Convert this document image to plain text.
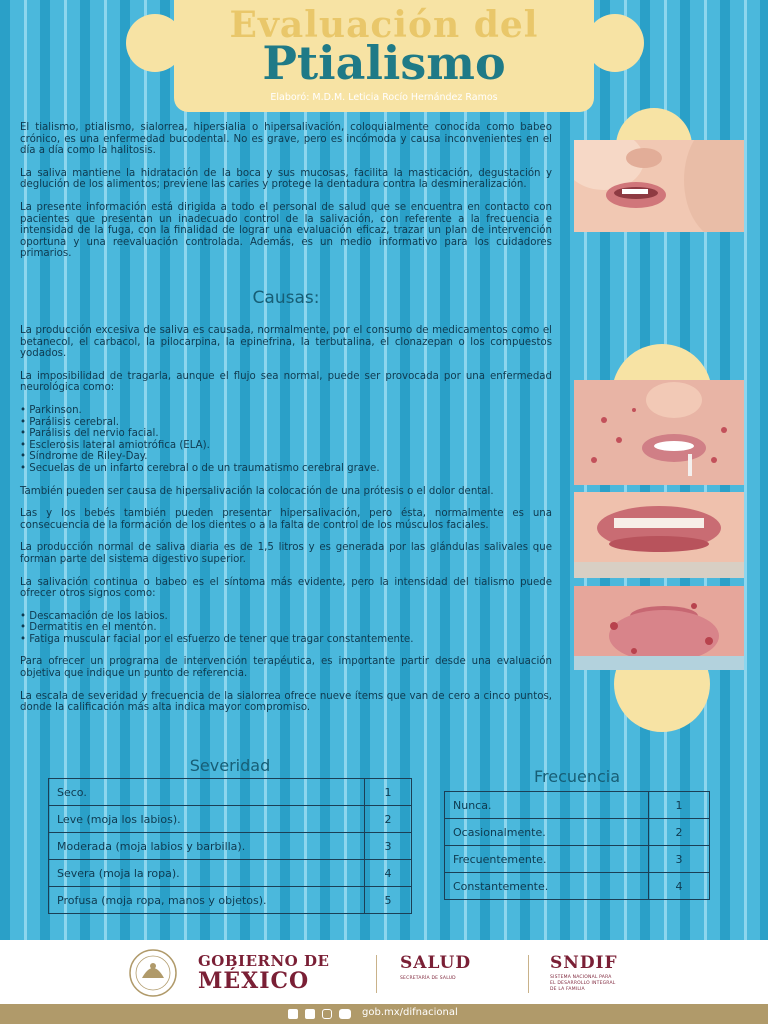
Evaluación del
Ptialismo
Elaboró: M.D.M. Leticia Rocío Hernández Ramos

El tialismo, ptialismo, sialorrea, hipersialia o hipersalivación, coloquialmente conocida como babeo crónico, es una enfermedad bucodental. No es grave, pero es incómoda y causa inconvenientes en el día a día como la halitosis.

La saliva mantiene la hidratación de la boca y sus mucosas, facilita la masticación, degustación y deglución de los alimentos; previene las caries y protege la dentadura contra la desmineralización.

La presente información está dirigida a todo el personal de salud que se encuentra en contacto con pacientes que presentan un inadecuado control de la salivación, con referente a la frecuencia e intensidad de la fuga, con la finalidad de lograr una evaluación eficaz, trazar un plan de intervención oportuna y una reevaluación controlada. Además, es un medio informativo para los cuidadores primarios.

Causas:

La producción excesiva de saliva es causada, normalmente, por el consumo de medicamentos como el betanecol, el carbacol, la pilocarpina, la epinefrina, la terbutalina, el clonazepan o los compuestos yodados.

La imposibilidad de tragarla, aunque el flujo sea normal, puede ser provocada por una enfermedad neurológica como:

• Parkinson.
• Parálisis cerebral.
• Parálisis del nervio facial.
• Esclerosis lateral amiotrófica (ELA).
• Síndrome de Riley-Day.
• Secuelas de un infarto cerebral o de un traumatismo cerebral grave.

También pueden ser causa de hipersalivación la colocación de una prótesis o el dolor dental.

Las y los bebés también pueden presentar hipersalivación, pero ésta, normalmente es una consecuencia de la formación de los dientes o a la falta de control de los músculos faciales.

La producción normal de saliva diaria es de 1,5 litros y es generada por las glándulas salivales que forman parte del sistema digestivo superior.

La salivación continua o babeo es el síntoma más evidente, pero la intensidad del tialismo puede ofrecer otros signos como:

• Descamación de los labios.
• Dermatitis en el mentón.
• Fatiga muscular facial por el esfuerzo de tener que tragar constantemente.

Para ofrecer un programa de intervención terapéutica, es importante partir desde una evaluación objetiva que indique un punto de referencia.

La escala de severidad y frecuencia de la sialorrea ofrece nueve ítems que van de cero a cinco puntos, donde la calificación más alta indica mayor compromiso.

Severidad
Seco.	1
Leve (moja los labios).	2
Moderada (moja labios y barbilla).	3
Severa (moja la ropa).	4
Profusa (moja ropa, manos y objetos).	5
Frecuencia
Nunca.	1
Ocasionalmente.	2
Frecuentemente.	3
Constantemente.	4
GOBIERNO DE
MÉXICO
SALUD
SECRETARÍA DE SALUD
SNDIF
SISTEMA NACIONAL PARA
EL DESARROLLO INTEGRAL
DE LA FAMILIA
gob.mx/difnacional
